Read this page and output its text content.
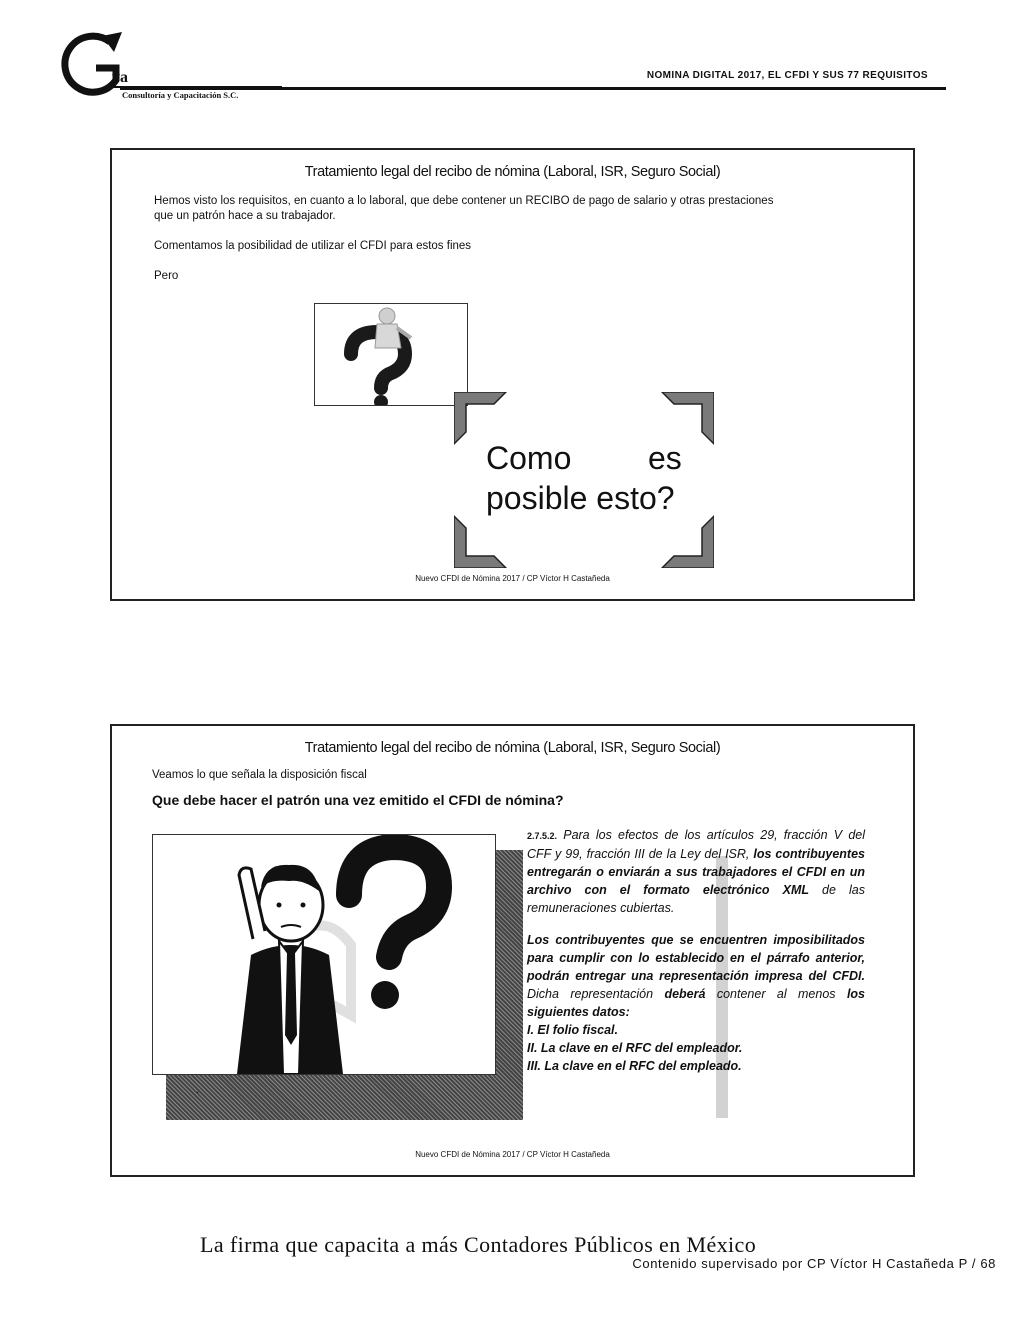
va
Consultoría y Capacitación S.C.
NOMINA DIGITAL 2017, EL CFDI Y SUS 77 REQUISITOS
Tratamiento legal del recibo de nómina (Laboral, ISR, Seguro Social)
Hemos visto los requisitos, en cuanto a lo laboral, que debe contener un RECIBO de pago de salario y otras prestaciones
que un patrón hace a su trabajador.
Comentamos la posibilidad de utilizar el CFDI para estos fines
Pero
Como es
posible esto?
Nuevo CFDI de Nómina 2017 / CP Víctor H Castañeda
Tratamiento legal del recibo de nómina (Laboral, ISR, Seguro Social)
Veamos lo que señala la disposición fiscal
Que debe hacer el patrón una vez emitido el CFDI de nómina?
.

2.7.5.2. Para los efectos de los artículos 29, fracción V del CFF y 99, fracción III de la Ley del ISR, los contribuyentes entregarán o enviarán a sus trabajadores el CFDI en un archivo con el formato electrónico XML de las remuneraciones cubiertas.

Los contribuyentes que se encuentren imposibilitados para cumplir con lo establecido en el párrafo anterior, podrán entregar una representación impresa del CFDI. Dicha representación deberá contener al menos los siguientes datos:

I. El folio fiscal.

II. La clave en el RFC del empleador.

III. La clave en el RFC del empleado.

Nuevo CFDI de Nómina 2017 / CP Víctor H Castañeda
La firma que capacita a más Contadores Públicos en México
Contenido supervisado por CP Víctor H Castañeda P / 68
